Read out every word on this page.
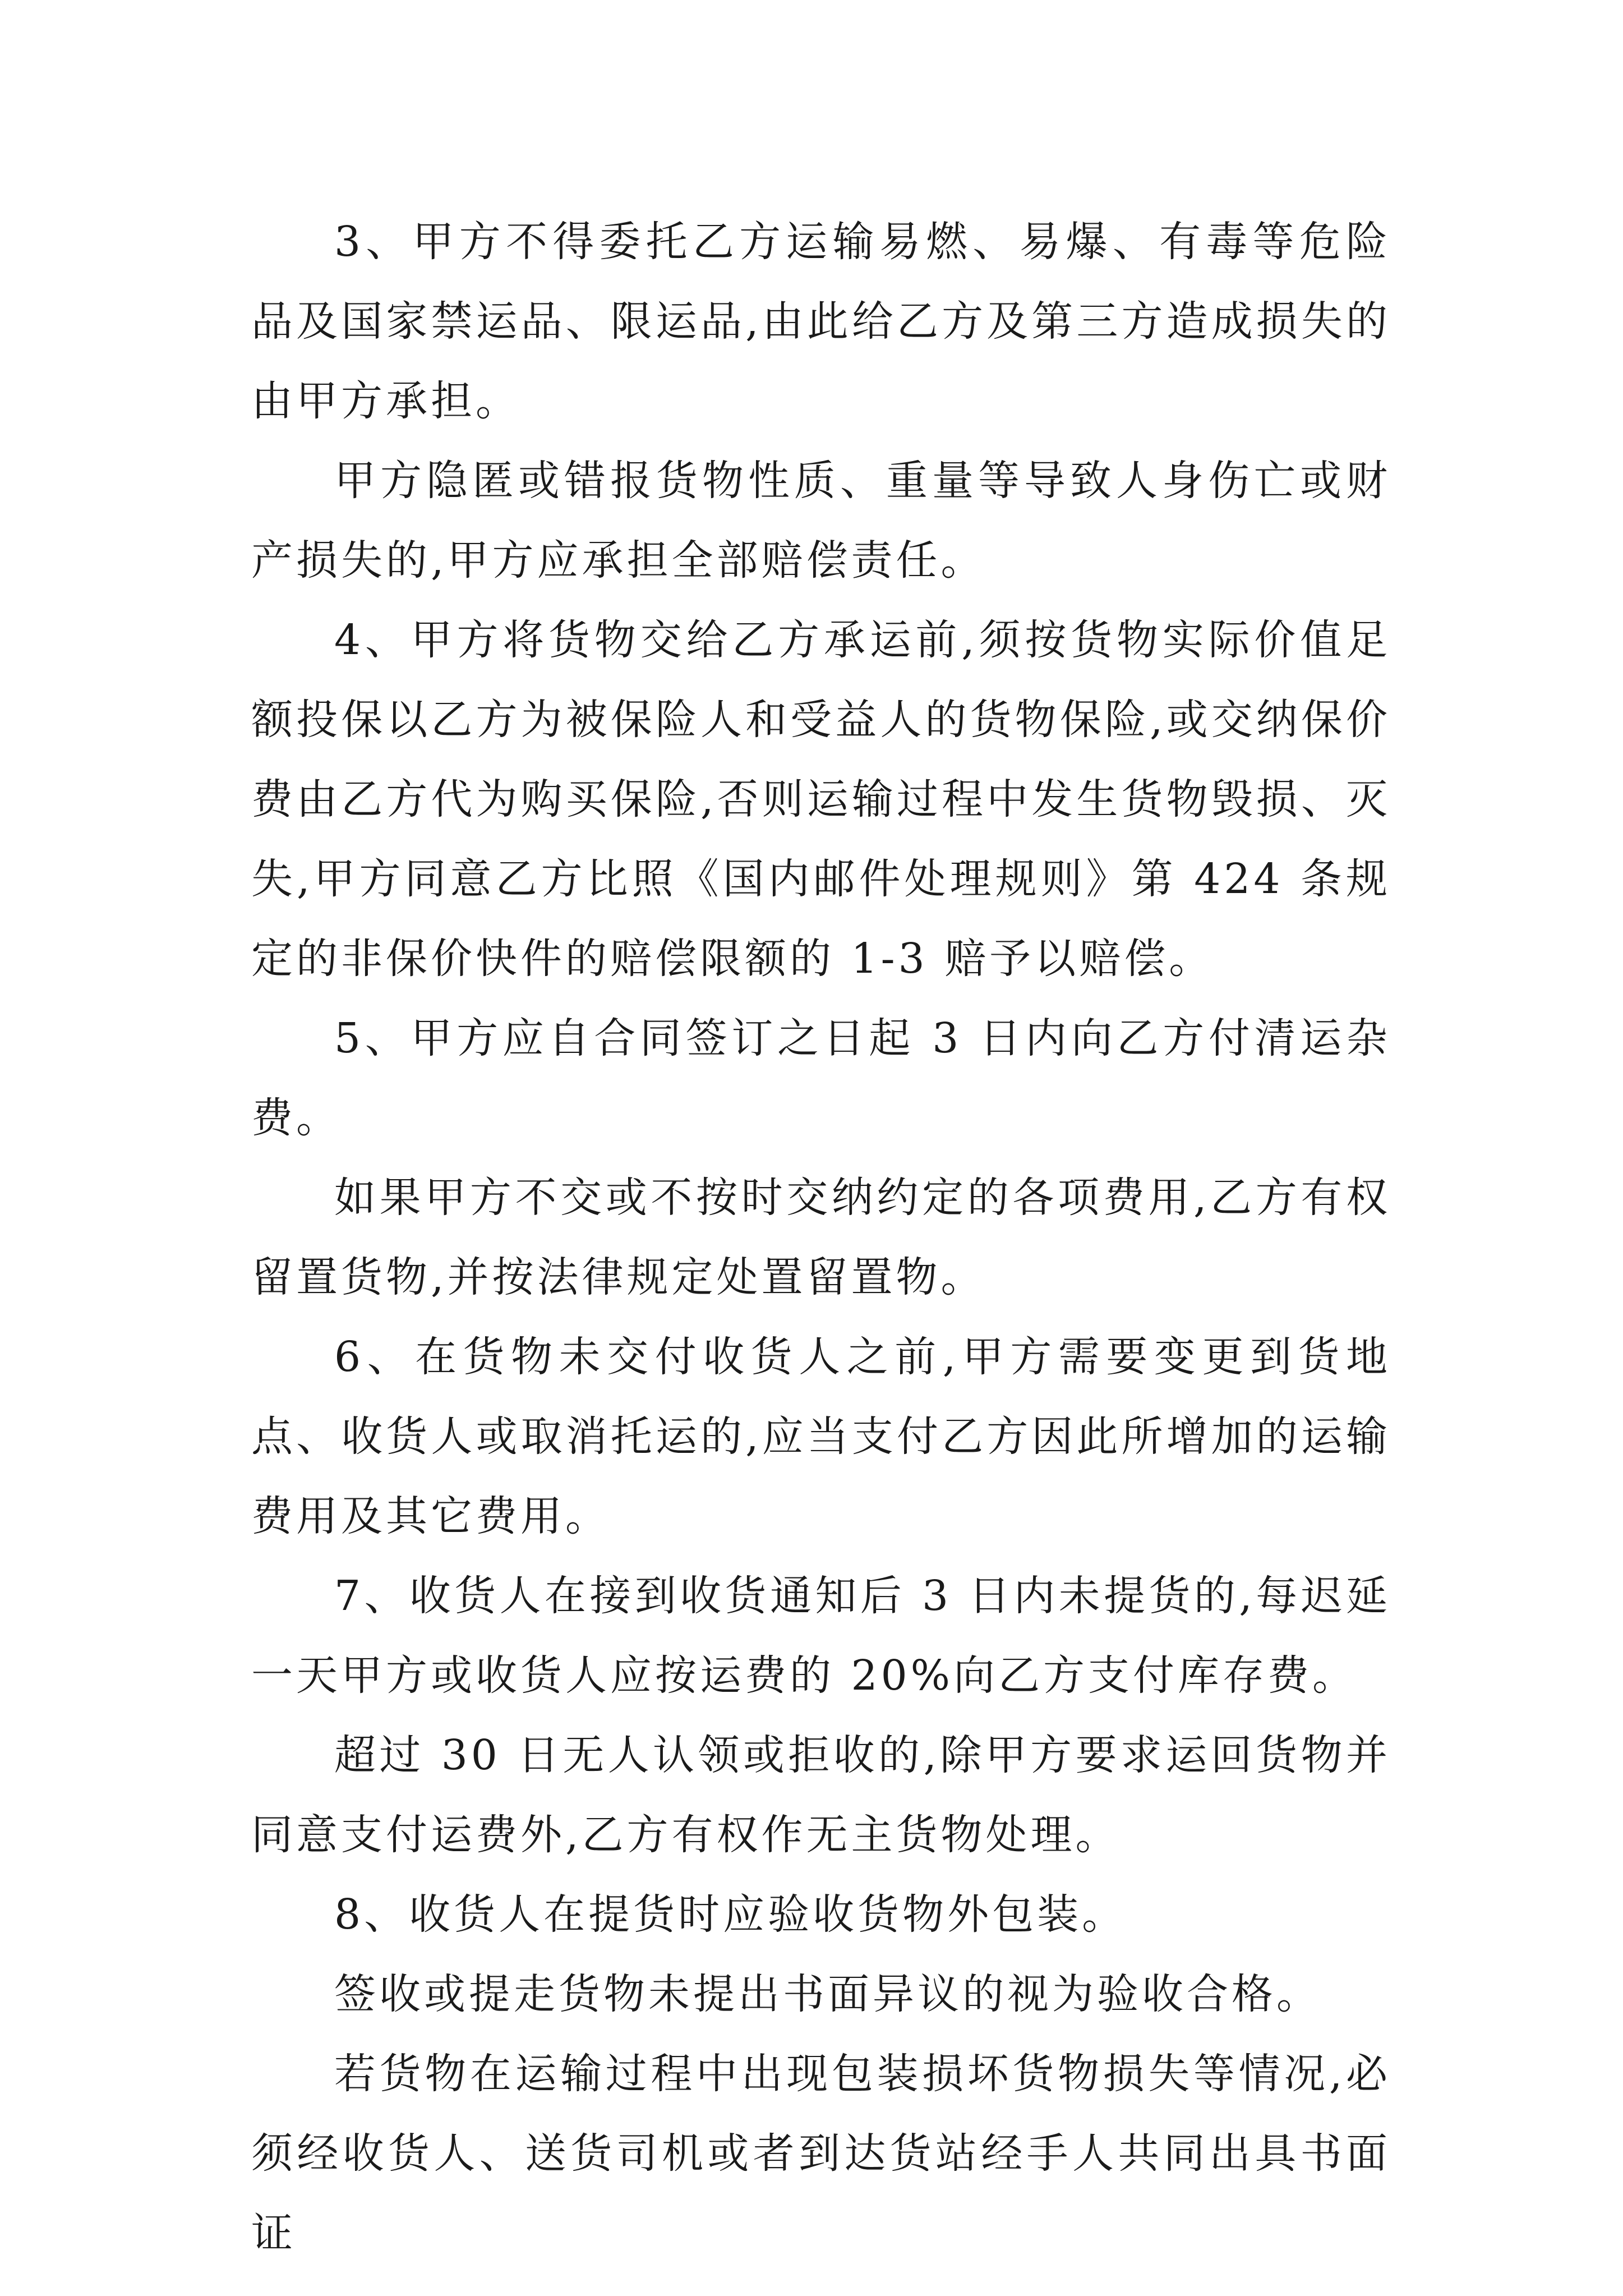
3、甲方不得委托乙方运输易燃、易爆、有毒等危险品及国家禁运品、限运品,由此给乙方及第三方造成损失的由甲方承担。

甲方隐匿或错报货物性质、重量等导致人身伤亡或财产损失的,甲方应承担全部赔偿责任。

4、甲方将货物交给乙方承运前,须按货物实际价值足额投保以乙方为被保险人和受益人的货物保险,或交纳保价费由乙方代为购买保险,否则运输过程中发生货物毁损、灭失,甲方同意乙方比照《国内邮件处理规则》第 424 条规定的非保价快件的赔偿限额的 1-3 赔予以赔偿。

5、甲方应自合同签订之日起 3 日内向乙方付清运杂费。

如果甲方不交或不按时交纳约定的各项费用,乙方有权留置货物,并按法律规定处置留置物。

6、在货物未交付收货人之前,甲方需要变更到货地点、收货人或取消托运的,应当支付乙方因此所增加的运输费用及其它费用。

7、收货人在接到收货通知后 3 日内未提货的,每迟延一天甲方或收货人应按运费的 20%向乙方支付库存费。

超过 30 日无人认领或拒收的,除甲方要求运回货物并同意支付运费外,乙方有权作无主货物处理。

8、收货人在提货时应验收货物外包装。

签收或提走货物未提出书面异议的视为验收合格。

若货物在运输过程中出现包装损坏货物损失等情况,必须经收货人、送货司机或者到达货站经手人共同出具书面证
